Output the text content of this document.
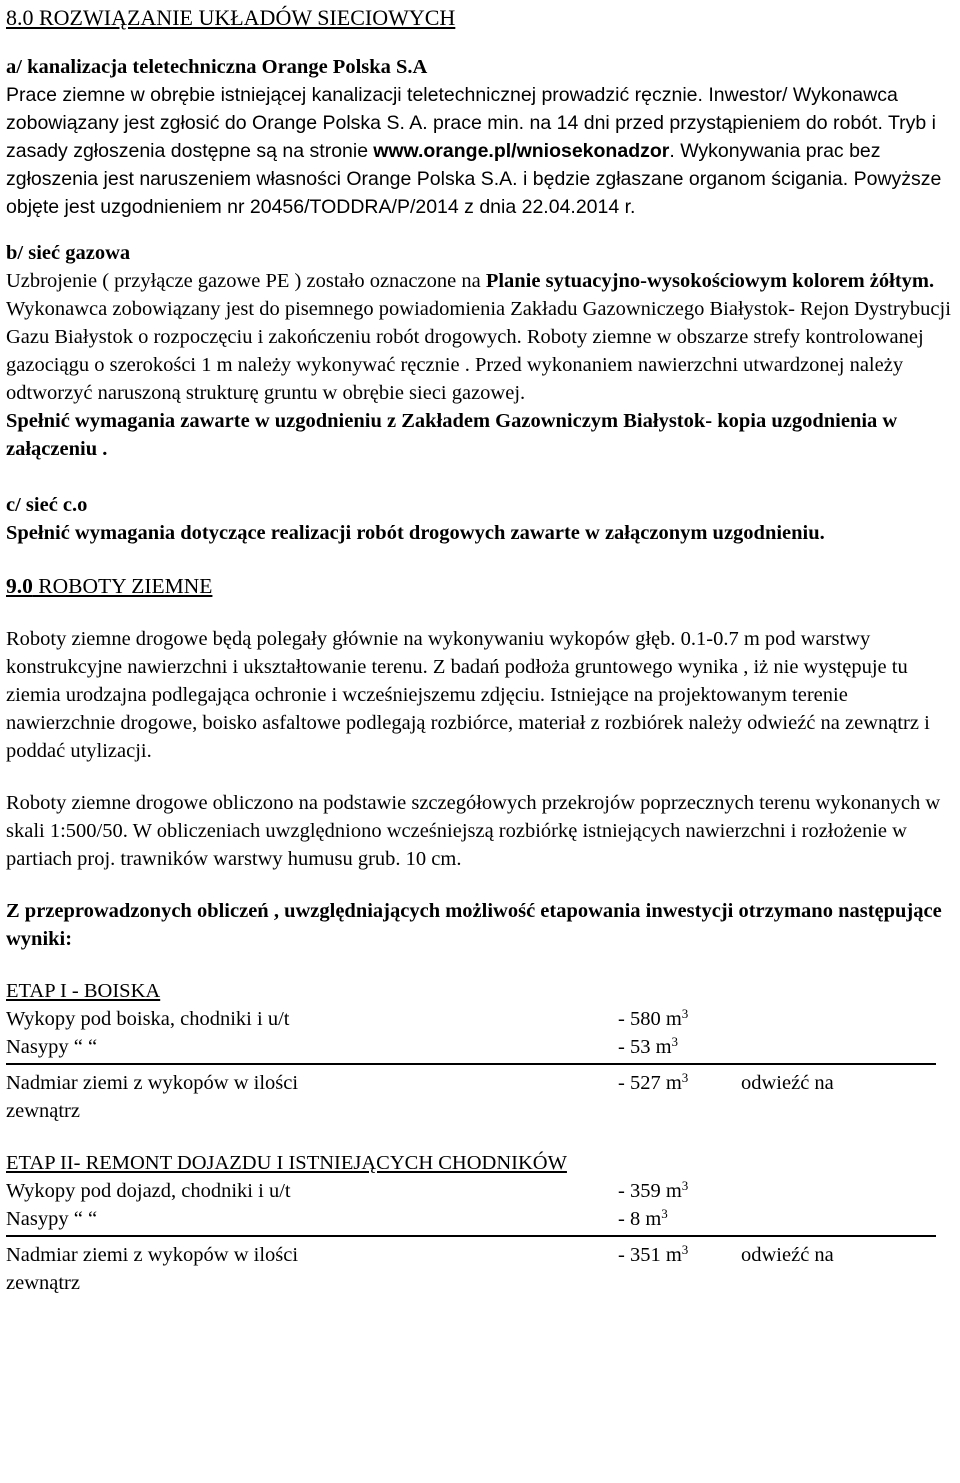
8.0 ROZWIĄZANIE UKŁADÓW SIECIOWYCH

a/ kanalizacja teletechniczna Orange Polska S.A

Prace ziemne w obrębie istniejącej kanalizacji teletechnicznej prowadzić ręcznie. Inwestor/ Wykonawca zobowiązany jest zgłosić do Orange Polska S. A. prace min. na 14 dni przed przystąpieniem do robót. Tryb i zasady zgłoszenia dostępne są na stronie www.orange.pl/wniosekonadzor. Wykonywania prac bez zgłoszenia jest naruszeniem własności Orange Polska S.A. i będzie zgłaszane organom ścigania. Powyższe objęte jest uzgodnieniem nr 20456/TODDRA/P/2014 z dnia 22.04.2014 r.

b/ sieć gazowa

Uzbrojenie ( przyłącze gazowe PE ) zostało oznaczone na Planie sytuacyjno-wysokościowym kolorem żółtym.

Wykonawca zobowiązany jest do pisemnego powiadomienia Zakładu Gazowniczego Białystok- Rejon Dystrybucji Gazu Białystok o rozpoczęciu i zakończeniu robót drogowych. Roboty ziemne w obszarze strefy kontrolowanej gazociągu o szerokości 1 m należy wykonywać ręcznie . Przed wykonaniem nawierzchni utwardzonej należy odtworzyć naruszoną strukturę gruntu w obrębie sieci gazowej.

Spełnić wymagania zawarte w uzgodnieniu z Zakładem Gazowniczym Białystok- kopia uzgodnienia w załączeniu .

c/ sieć c.o

Spełnić wymagania dotyczące realizacji robót drogowych zawarte w załączonym uzgodnieniu.

9.0 ROBOTY ZIEMNE

Roboty ziemne drogowe będą polegały głównie na wykonywaniu wykopów głęb. 0.1-0.7 m pod warstwy konstrukcyjne nawierzchni i ukształtowanie terenu. Z badań podłoża gruntowego wynika , iż nie występuje tu ziemia urodzajna podlegająca ochronie i wcześniejszemu zdjęciu. Istniejące na projektowanym terenie nawierzchnie drogowe, boisko asfaltowe podlegają rozbiórce, materiał z rozbiórek należy odwieźć na zewnątrz i poddać utylizacji.

Roboty ziemne drogowe obliczono na podstawie szczegółowych przekrojów poprzecznych terenu wykonanych w skali 1:500/50. W obliczeniach uwzględniono wcześniejszą rozbiórkę istniejących nawierzchni i rozłożenie w partiach proj. trawników warstwy humusu grub. 10 cm.

Z przeprowadzonych obliczeń , uwzględniających możliwość etapowania inwestycji otrzymano następujące wyniki:

ETAP I - BOISKA

Wykopy pod boiska, chodniki i u/t	- 580 $m^3$
Nasypy “ “	- 53 $m^3$
Nadmiar ziemi z wykopów w ilości	- 527 $m^3$	odwieźć na

zewnątrz

ETAP II- REMONT DOJAZDU I ISTNIEJĄCYCH CHODNIKÓW

Wykopy pod dojazd, chodniki i u/t	- 359 $m^3$
Nasypy “ “	- 8 $m^3$
Nadmiar ziemi z wykopów w ilości	- 351 $m^3$	odwieźć na

zewnątrz
